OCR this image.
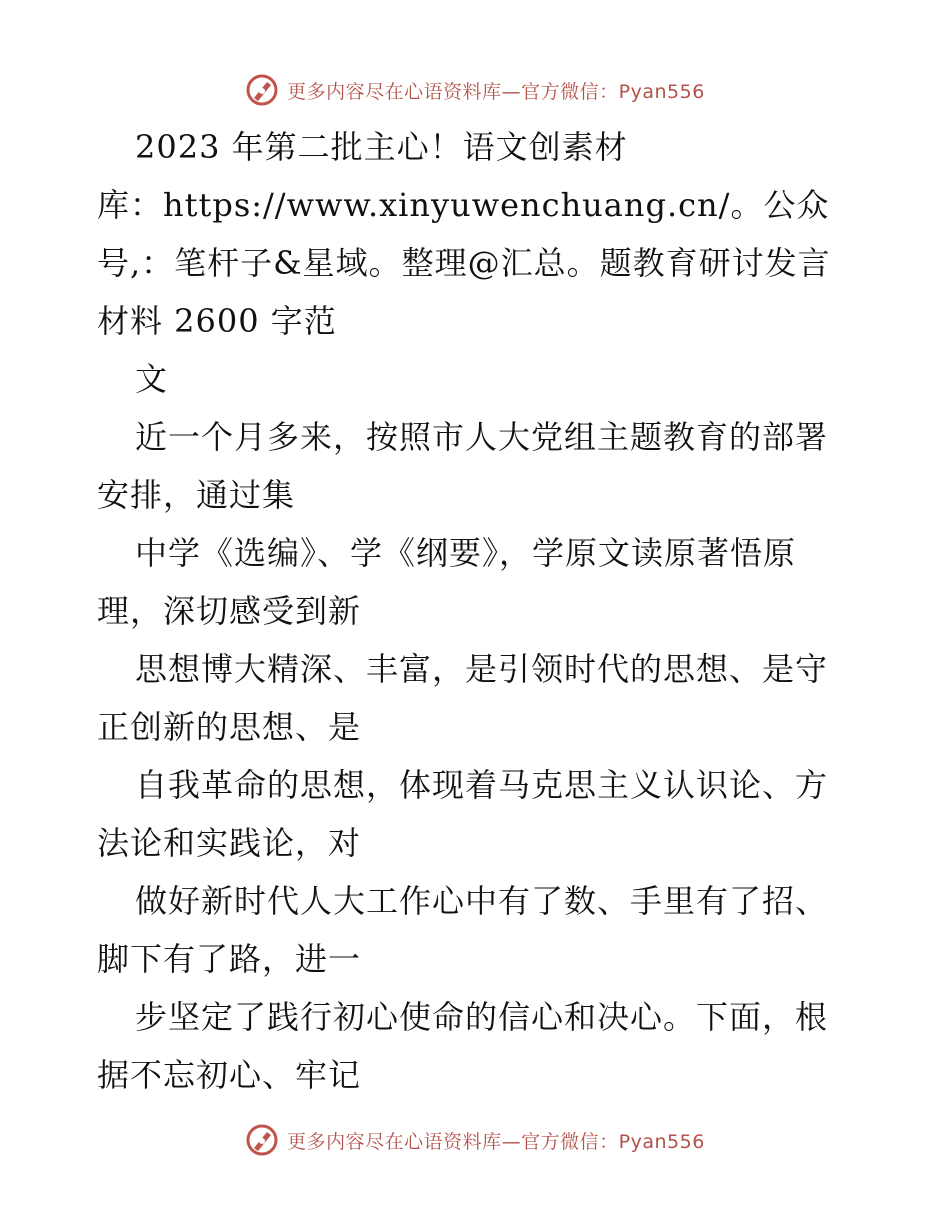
更多内容尽在心语资料库—官方微信：Pyan556

2023 年第二批主心！语文创素材

库：https://www.xinyuwenchuang.cn/。公众

号,：笔杆子&星域。整理@汇总。题教育研讨发言

材料 2600 字范

文

近一个月多来，按照市人大党组主题教育的部署

安排，通过集

中学《选编》、学《纲要》，学原文读原著悟原

理，深切感受到新

思想博大精深、丰富，是引领时代的思想、是守

正创新的思想、是

自我革命的思想，体现着马克思主义认识论、方

法论和实践论，对

做好新时代人大工作心中有了数、手里有了招、

脚下有了路，进一

步坚定了践行初心使命的信心和决心。下面，根

据不忘初心、牢记

更多内容尽在心语资料库—官方微信：Pyan556
